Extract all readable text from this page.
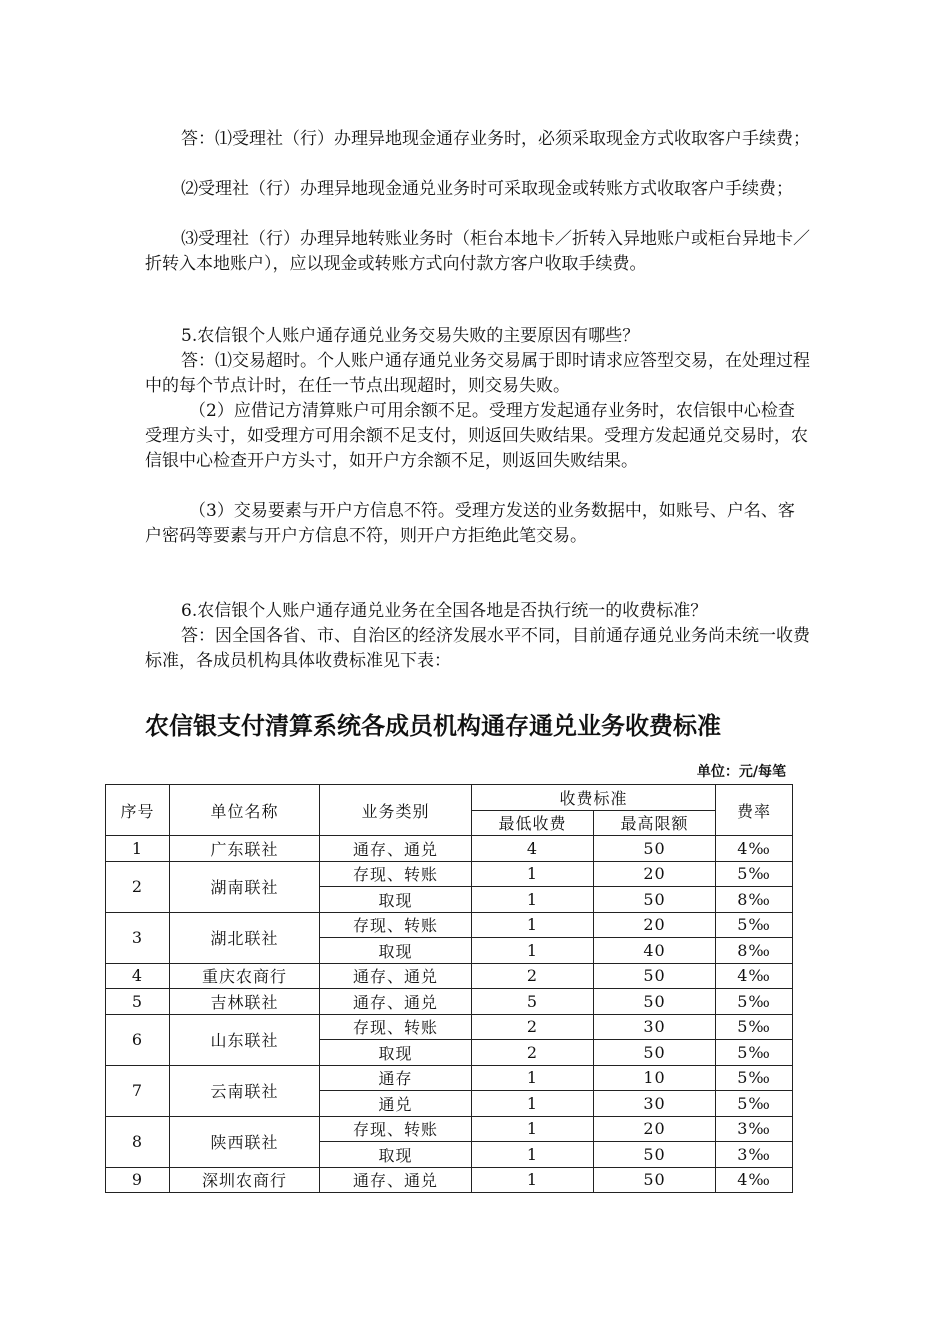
答：⑴受理社（行）办理异地现金通存业务时，必须采取现金方式收取客户手续费；

⑵受理社（行）办理异地现金通兑业务时可采取现金或转账方式收取客户手续费；

⑶受理社（行）办理异地转账业务时（柜台本地卡／折转入异地账户或柜台异地卡／折转入本地账户），应以现金或转账方式向付款方客户收取手续费。

5.农信银个人账户通存通兑业务交易失败的主要原因有哪些？

答：⑴交易超时。个人账户通存通兑业务交易属于即时请求应答型交易，在处理过程中的每个节点计时，在任一节点出现超时，则交易失败。

（2）应借记方清算账户可用余额不足。受理方发起通存业务时，农信银中心检查受理方头寸，如受理方可用余额不足支付，则返回失败结果。受理方发起通兑交易时，农信银中心检查开户方头寸，如开户方余额不足，则返回失败结果。

（3）交易要素与开户方信息不符。受理方发送的业务数据中，如账号、户名、客户密码等要素与开户方信息不符，则开户方拒绝此笔交易。

6.农信银个人账户通存通兑业务在全国各地是否执行统一的收费标准？

答：因全国各省、市、自治区的经济发展水平不同，目前通存通兑业务尚未统一收费标准，各成员机构具体收费标准见下表：

农信银支付清算系统各成员机构通存通兑业务收费标准
单位：元/每笔
序号	单位名称	业务类别	收费标准		费率
			最低收费	最高限额	
1	广东联社	通存、通兑	4	50	4‰
2	湖南联社	存现、转账	1	20	5‰
		取现	1	50	8‰
3	湖北联社	存现、转账	1	20	5‰
		取现	1	40	8‰
4	重庆农商行	通存、通兑	2	50	4‰
5	吉林联社	通存、通兑	5	50	5‰
6	山东联社	存现、转账	2	30	5‰
		取现	2	50	5‰
7	云南联社	通存	1	10	5‰
		通兑	1	30	5‰
8	陕西联社	存现、转账	1	20	3‰
		取现	1	50	3‰
9	深圳农商行	通存、通兑	1	50	4‰
